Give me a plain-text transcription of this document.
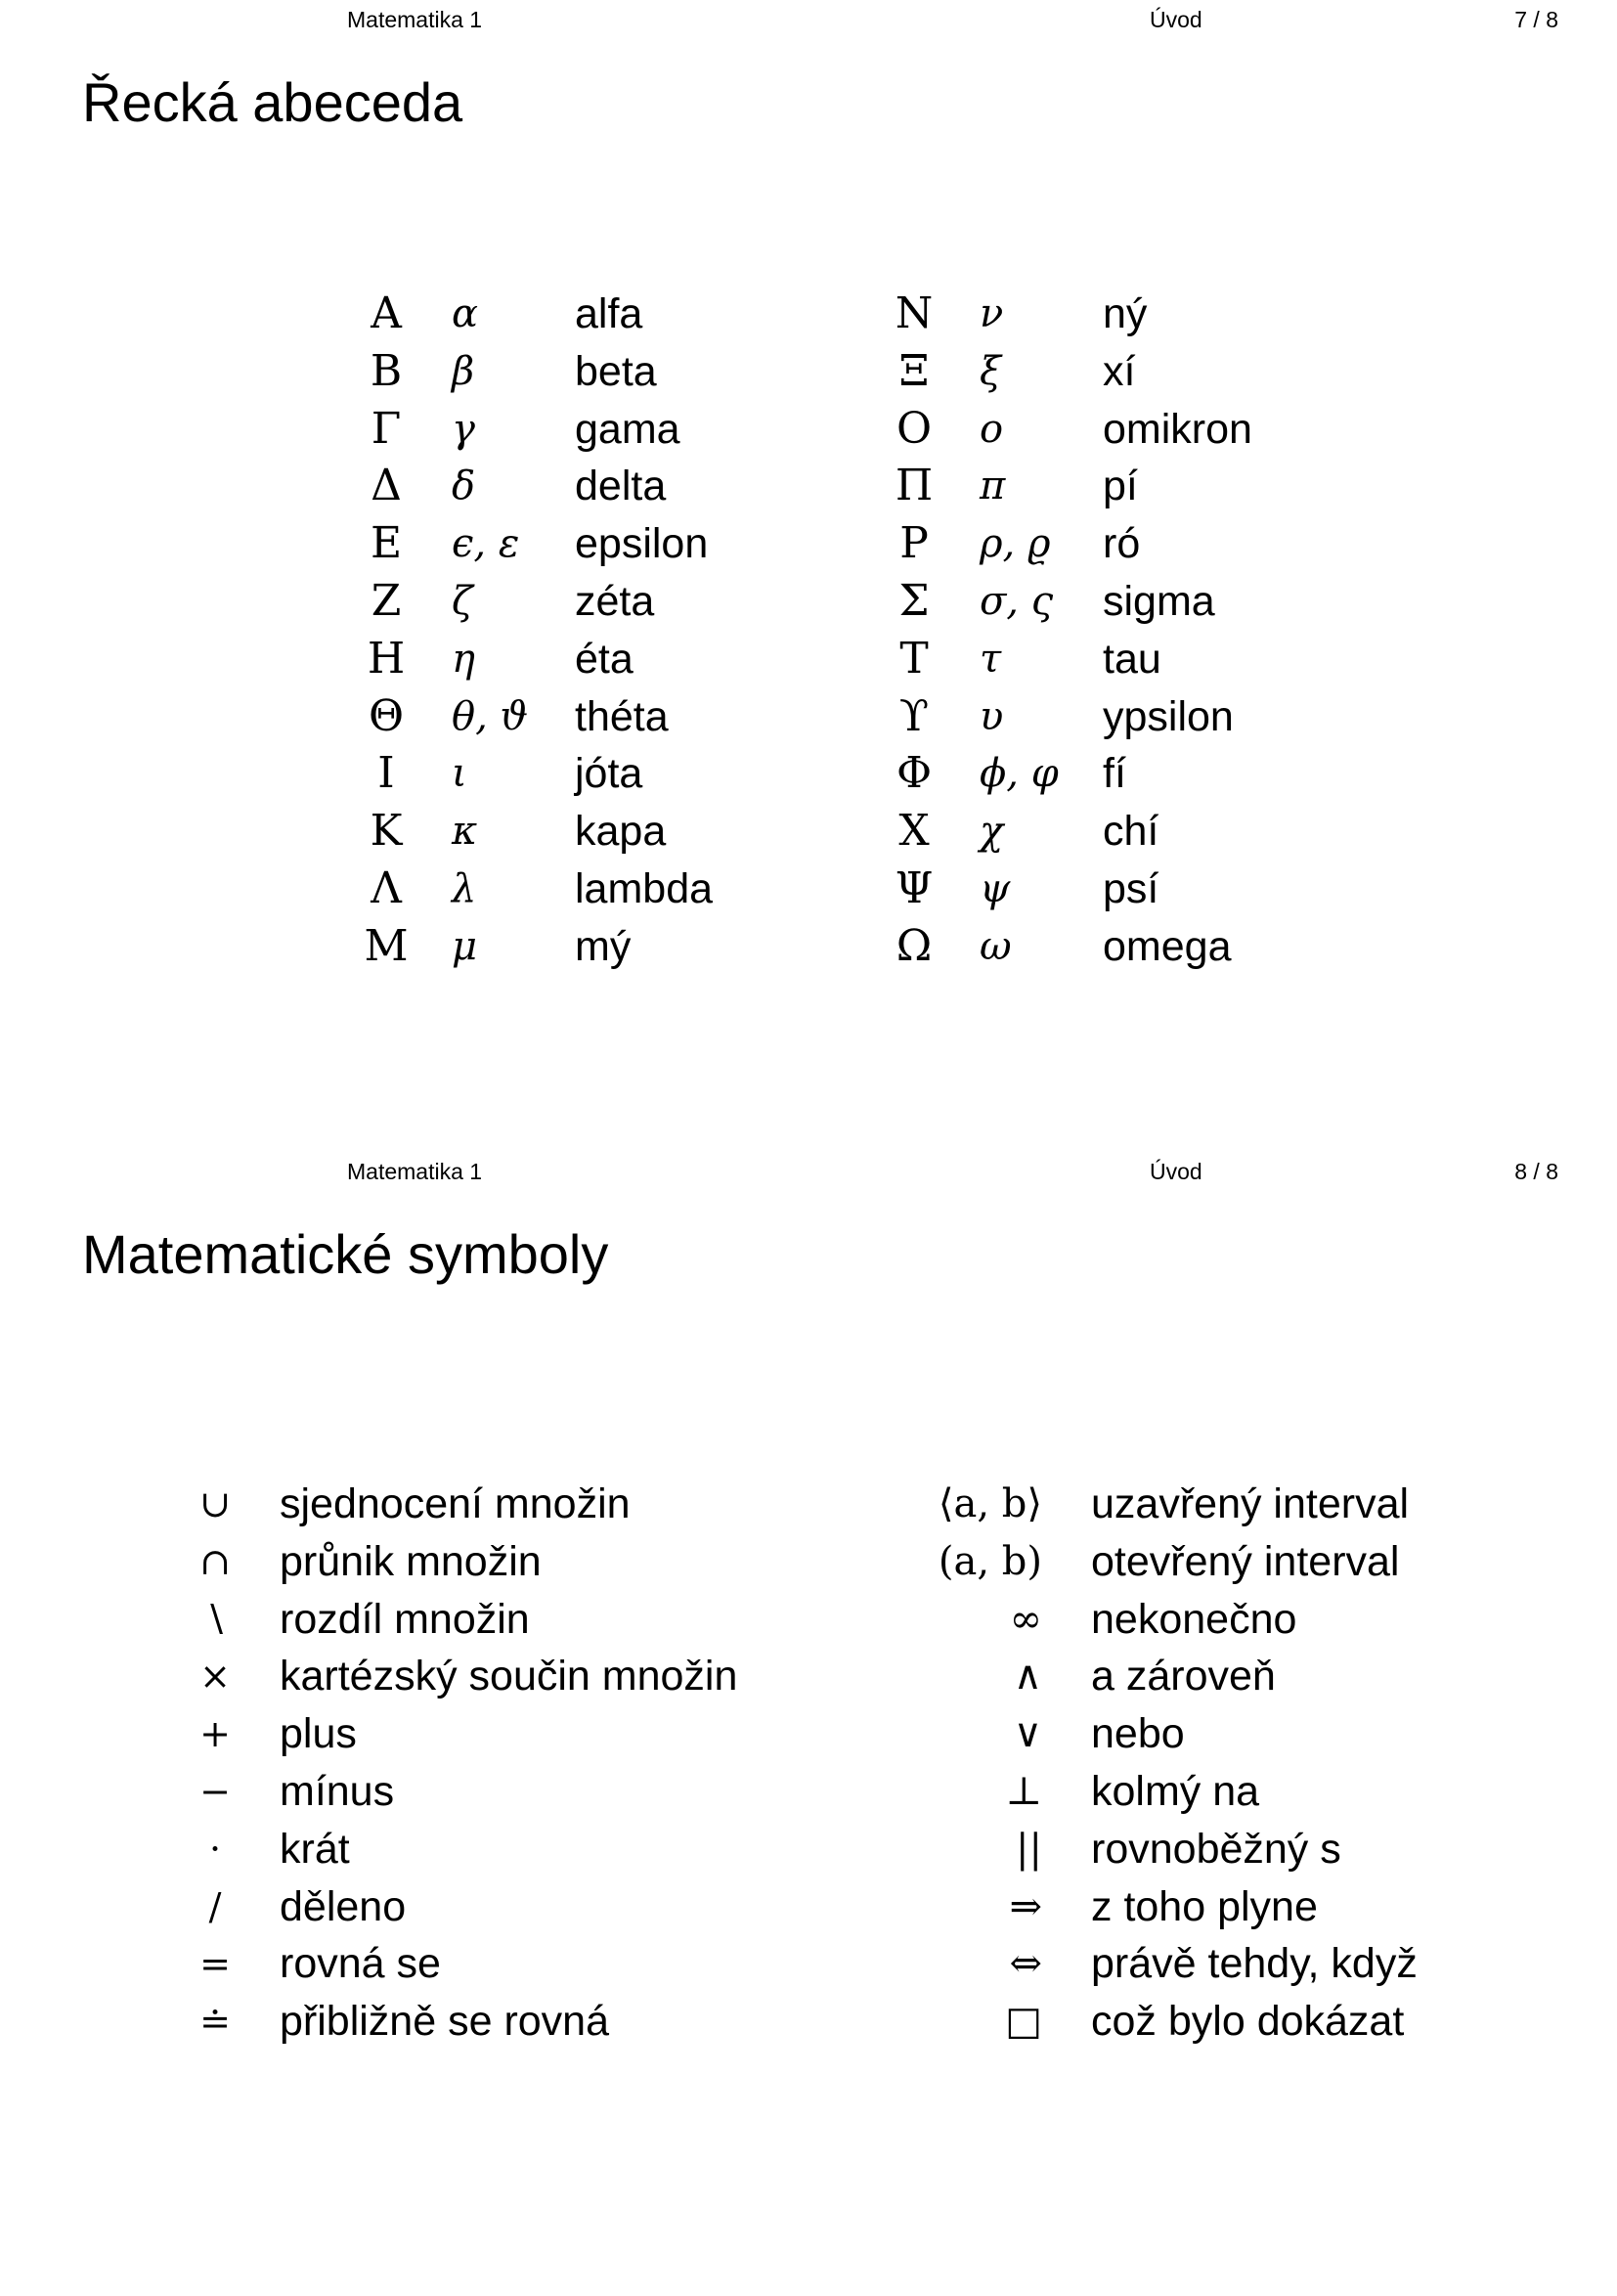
Matematika 1	Úvod	7 / 8
Řecká abeceda
A	α alfa
B	β beta
Γ	γ gama
Δ	δ delta
E	ϵ, ε epsilon
Z	ζ zéta
H	η éta
Θ	θ, ϑ théta
I	ι	jóta
K	κ kapa
Λ	λ lambda
M	μ mý
N	ν ný
Ξ	ξ xí
O	o omikron
Π	π pí
P	ρ, ϱ ró
Σ	σ, ς sigma
T	τ tau
ϒ	υ ypsilon
Φ	ϕ, φ fí
X	χ chí
Ψ	ψ psí
Ω	ω omega
Matematika 1	Úvod	8 / 8
Matematické symboly
∪	sjednocení množin
∩	průnik množin
∖	rozdíl množin
×	kartézský součin množin
+	plus
−	mínus
·	krát
/	děleno
=	rovná se
≐	přibližně se rovná
⟨a, b⟩ uzavřený interval
(a, b) otevřený interval
∞ nekonečno
∧ a zároveň
∨ nebo
⊥ kolmý na
|| rovnoběžný s
⇒ z toho plyne
⇔ právě tehdy, když
□ což bylo dokázat
